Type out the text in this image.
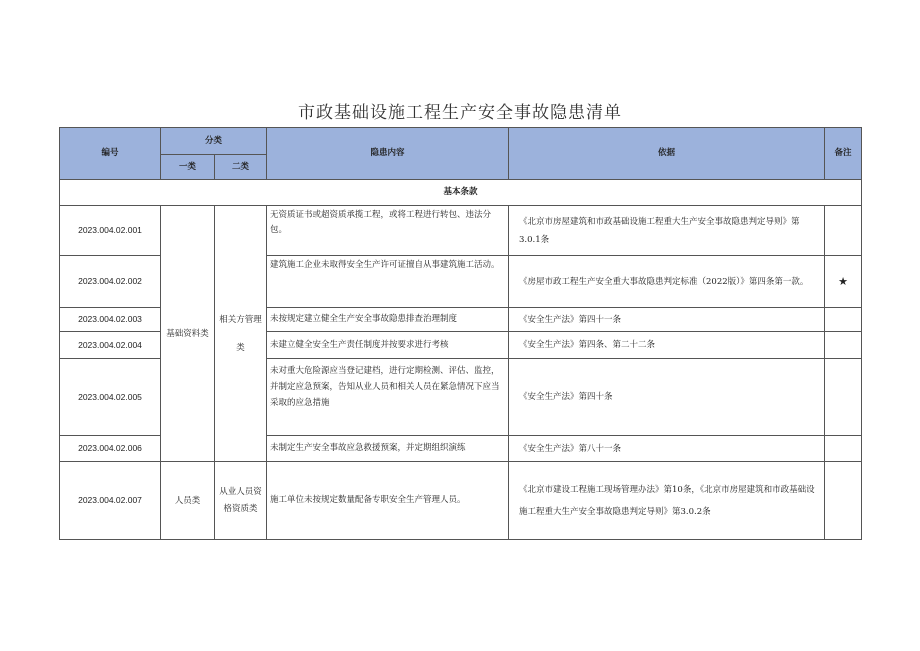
市政基础设施工程生产安全事故隐患清单
编号	分类		隐患内容	依据	备注
	一类	二类			
基本条款					
2023.004.02.001	基础资料类	相关方管理类	无资质证书或超资质承揽工程，或将工程进行转包、违法分包。	《北京市房屋建筑和市政基础设施工程重大生产安全事故隐患判定导则》第3.0.1条	
2023.004.02.002			建筑施工企业未取得安全生产许可证擅自从事建筑施工活动。	《房屋市政工程生产安全重大事故隐患判定标准（2022版）》第四条第一款。	★
2023.004.02.003			未按规定建立健全生产安全事故隐患排查治理制度	《安全生产法》第四十一条	
2023.004.02.004			未建立健全安全生产责任制度并按要求进行考核	《安全生产法》第四条、第二十二条	
2023.004.02.005			未对重大危险源应当登记建档，进行定期检测、评估、监控，并制定应急预案，告知从业人员和相关人员在紧急情况下应当采取的应急措施	《安全生产法》第四十条	
2023.004.02.006			未制定生产安全事故应急救援预案，并定期组织演练	《安全生产法》第八十一条	
2023.004.02.007	人员类	从业人员资格资质类	施工单位未按规定数量配备专职安全生产管理人员。	《北京市建设工程施工现场管理办法》第10条，《北京市房屋建筑和市政基础设施工程重大生产安全事故隐患判定导则》第3.0.2条	
